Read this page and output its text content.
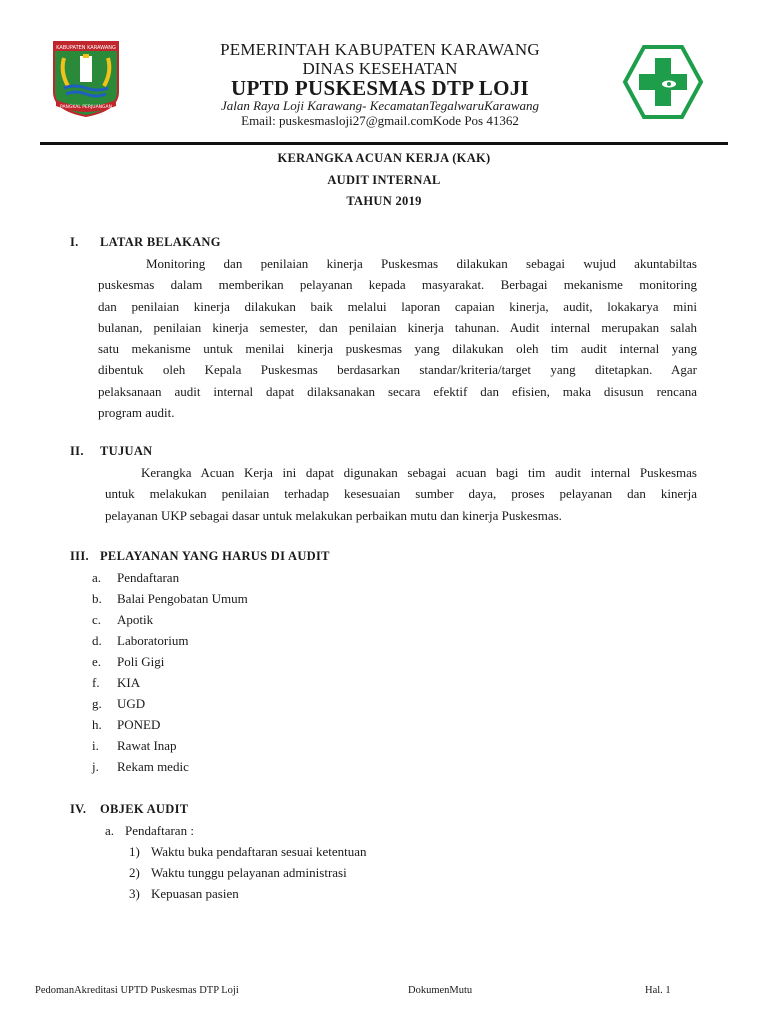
KABUPATEN KARAWANG
PANGKAL PERJUANGAN
PEMERINTAH KABUPATEN KARAWANG
DINAS KESEHATAN
UPTD PUSKESMAS DTP LOJI
Jalan Raya Loji Karawang- KecamatanTegalwaruKarawang
Email: puskesmasloji27@gmail.comKode Pos 41362
KERANGKA ACUAN KERJA (KAK)
AUDIT INTERNAL
TAHUN 2019
I. LATAR BELAKANG
Monitoring dan penilaian kinerja Puskesmas dilakukan sebagai wujud akuntabiltas
puskesmas dalam memberikan pelayanan kepada masyarakat. Berbagai mekanisme monitoring
dan penilaian kinerja dilakukan baik melalui laporan capaian kinerja, audit, lokakarya mini
bulanan, penilaian kinerja semester, dan penilaian kinerja tahunan. Audit internal merupakan salah
satu mekanisme untuk menilai kinerja puskesmas yang dilakukan oleh tim audit internal yang
dibentuk oleh Kepala Puskesmas berdasarkan standar/kriteria/target yang ditetapkan. Agar
pelaksanaan audit internal dapat dilaksanakan secara efektif dan efisien, maka disusun rencana
program audit.
II. TUJUAN
Kerangka Acuan Kerja ini dapat digunakan sebagai acuan bagi tim audit internal Puskesmas
untuk melakukan penilaian terhadap kesesuaian sumber daya, proses pelayanan dan kinerja
pelayanan UKP sebagai dasar untuk melakukan perbaikan mutu dan kinerja Puskesmas.
III. PELAYANAN YANG HARUS DI AUDIT
a. Pendaftaran
b. Balai Pengobatan Umum
c. Apotik
d. Laboratorium
e. Poli Gigi
f. KIA
g. UGD
h. PONED
i. Rawat Inap
j. Rekam medic
IV. OBJEK AUDIT
a. Pendaftaran :
1) Waktu buka pendaftaran sesuai ketentuan
2) Waktu tunggu pelayanan administrasi
3) Kepuasan pasien
PedomanAkreditasi UPTD Puskesmas DTP Loji	DokumenMutu	Hal. 1
